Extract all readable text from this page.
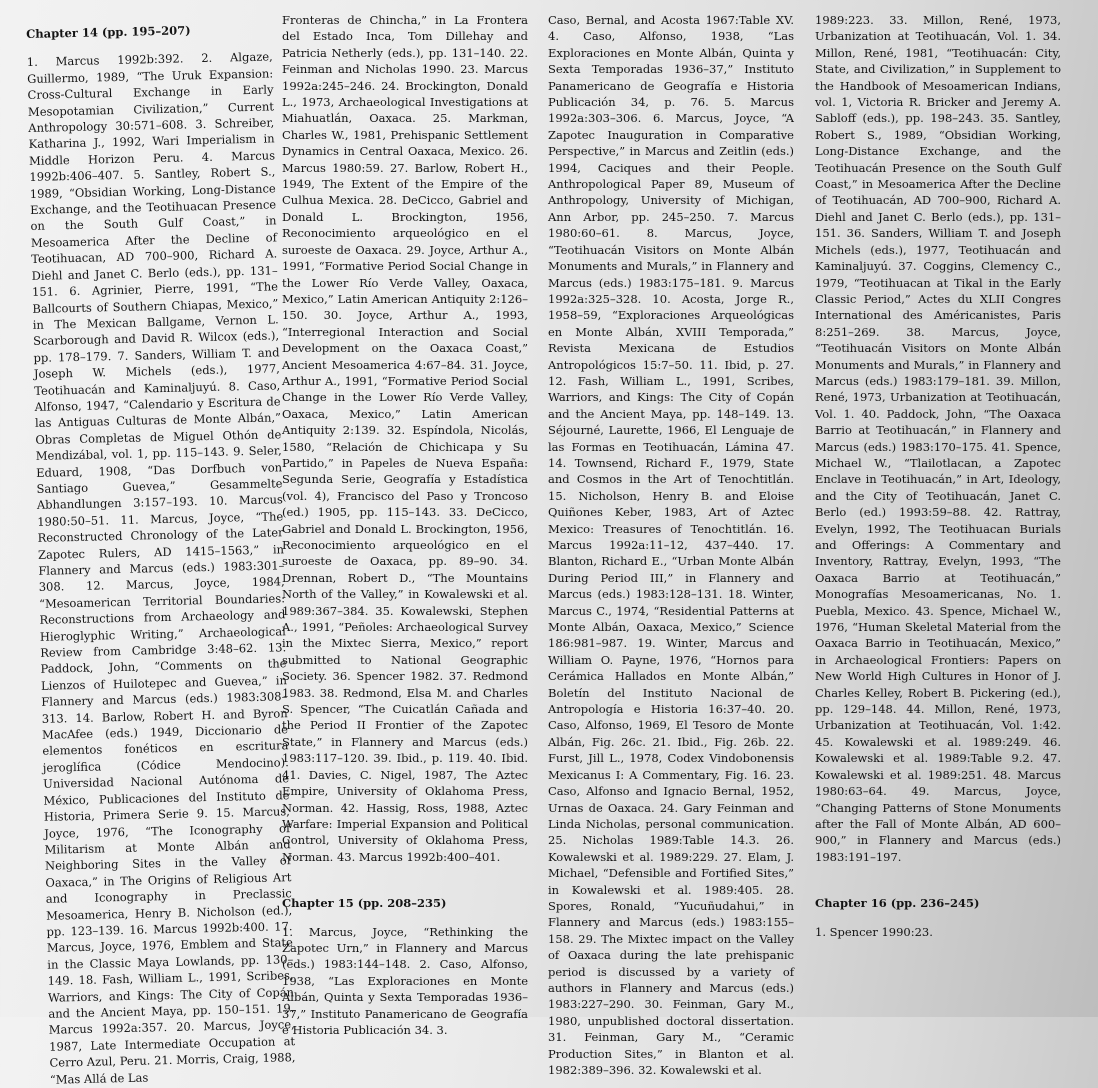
Chapter 14 (pp. 195–207)

1. Marcus 1992b:392. 2. Algaze, Guillermo, 1989, “The Uruk Expansion: Cross-Cultural Exchange in Early Mesopotamian Civilization,” Current Anthropology 30:571–608. 3. Schreiber, Katharina J., 1992, Wari Imperialism in Middle Horizon Peru. 4. Marcus 1992b:406–407. 5. Santley, Robert S., 1989, “Obsidian Working, Long-Distance Exchange, and the Teotihuacan Presence on the South Gulf Coast,” in Mesoamerica After the Decline of Teotihuacan, AD 700–900, Richard A. Diehl and Janet C. Berlo (eds.), pp. 131–151. 6. Agrinier, Pierre, 1991, “The Ballcourts of Southern Chiapas, Mexico,” in The Mexican Ballgame, Vernon L. Scarborough and David R. Wilcox (eds.), pp. 178–179. 7. Sanders, William T. and Joseph W. Michels (eds.), 1977, Teotihuacán and Kaminaljuyú. 8. Caso, Alfonso, 1947, “Calendario y Escritura de las Antiguas Culturas de Monte Albán,” Obras Completas de Miguel Othón de Mendizábal, vol. 1, pp. 115–143. 9. Seler, Eduard, 1908, “Das Dorfbuch von Santiago Guevea,” Gesammelte Abhandlungen 3:157–193. 10. Marcus 1980:50–51. 11. Marcus, Joyce, “The Reconstructed Chronology of the Later Zapotec Rulers, AD 1415–1563,” in Flannery and Marcus (eds.) 1983:301–308. 12. Marcus, Joyce, 1984, “Mesoamerican Territorial Boundaries: Reconstructions from Archaeology and Hieroglyphic Writing,” Archaeological Review from Cambridge 3:48–62. 13. Paddock, John, “Comments on the Lienzos of Huilotepec and Guevea,” in Flannery and Marcus (eds.) 1983:308–313. 14. Barlow, Robert H. and Byron MacAfee (eds.) 1949, Diccionario de elementos fonéticos en escritura jeroglífica (Códice Mendocino). Universidad Nacional Autónoma de México, Publicaciones del Instituto de Historia, Primera Serie 9. 15. Marcus, Joyce, 1976, “The Iconography of Militarism at Monte Albán and Neighboring Sites in the Valley of Oaxaca,” in The Origins of Religious Art and Iconography in Preclassic Mesoamerica, Henry B. Nicholson (ed.), pp. 123–139. 16. Marcus 1992b:400. 17. Marcus, Joyce, 1976, Emblem and State in the Classic Maya Lowlands, pp. 130–149. 18. Fash, William L., 1991, Scribes, Warriors, and Kings: The City of Copán and the Ancient Maya, pp. 150–151. 19. Marcus 1992a:357. 20. Marcus, Joyce, 1987, Late Intermediate Occupation at Cerro Azul, Peru. 21. Morris, Craig, 1988, “Mas Allá de Las

Fronteras de Chincha,” in La Frontera del Estado Inca, Tom Dillehay and Patricia Netherly (eds.), pp. 131–140. 22. Feinman and Nicholas 1990. 23. Marcus 1992a:245–246. 24. Brockington, Donald L., 1973, Archaeological Investigations at Miahuatlán, Oaxaca. 25. Markman, Charles W., 1981, Prehispanic Settlement Dynamics in Central Oaxaca, Mexico. 26. Marcus 1980:59. 27. Barlow, Robert H., 1949, The Extent of the Empire of the Culhua Mexica. 28. DeCicco, Gabriel and Donald L. Brockington, 1956, Reconocimiento arqueológico en el suroeste de Oaxaca. 29. Joyce, Arthur A., 1991, “Formative Period Social Change in the Lower Río Verde Valley, Oaxaca, Mexico,” Latin American Antiquity 2:126–150. 30. Joyce, Arthur A., 1993, “Interregional Interaction and Social Development on the Oaxaca Coast,” Ancient Mesoamerica 4:67–84. 31. Joyce, Arthur A., 1991, “Formative Period Social Change in the Lower Río Verde Valley, Oaxaca, Mexico,” Latin American Antiquity 2:139. 32. Espíndola, Nicolás, 1580, “Relación de Chichicapa y Su Partido,” in Papeles de Nueva España: Segunda Serie, Geografía y Estadística (vol. 4), Francisco del Paso y Troncoso (ed.) 1905, pp. 115–143. 33. DeCicco, Gabriel and Donald L. Brockington, 1956, Reconocimiento arqueológico en el suroeste de Oaxaca, pp. 89–90. 34. Drennan, Robert D., “The Mountains North of the Valley,” in Kowalewski et al. 1989:367–384. 35. Kowalewski, Stephen A., 1991, “Peñoles: Archaeological Survey in the Mixtec Sierra, Mexico,” report submitted to National Geographic Society. 36. Spencer 1982. 37. Redmond 1983. 38. Redmond, Elsa M. and Charles S. Spencer, “The Cuicatlán Cañada and the Period II Frontier of the Zapotec State,” in Flannery and Marcus (eds.) 1983:117–120. 39. Ibid., p. 119. 40. Ibid. 41. Davies, C. Nigel, 1987, The Aztec Empire, University of Oklahoma Press, Norman. 42. Hassig, Ross, 1988, Aztec Warfare: Imperial Expansion and Political Control, University of Oklahoma Press, Norman. 43. Marcus 1992b:400–401.

Chapter 15 (pp. 208–235)

1. Marcus, Joyce, “Rethinking the Zapotec Urn,” in Flannery and Marcus (eds.) 1983:144–148. 2. Caso, Alfonso, 1938, “Las Exploraciones en Monte Albán, Quinta y Sexta Temporadas 1936–37,” Instituto Panamericano de Geografía e Historia Publicación 34. 3.

Caso, Bernal, and Acosta 1967:Table XV. 4. Caso, Alfonso, 1938, “Las Exploraciones en Monte Albán, Quinta y Sexta Temporadas 1936–37,” Instituto Panamericano de Geografía e Historia Publicación 34, p. 76. 5. Marcus 1992a:303–306. 6. Marcus, Joyce, “A Zapotec Inauguration in Comparative Perspective,” in Marcus and Zeitlin (eds.) 1994, Caciques and their People. Anthropological Paper 89, Museum of Anthropology, University of Michigan, Ann Arbor, pp. 245–250. 7. Marcus 1980:60–61. 8. Marcus, Joyce, “Teotihuacán Visitors on Monte Albán Monuments and Murals,” in Flannery and Marcus (eds.) 1983:175–181. 9. Marcus 1992a:325–328. 10. Acosta, Jorge R., 1958–59, “Exploraciones Arqueológicas en Monte Albán, XVIII Temporada,” Revista Mexicana de Estudios Antropológicos 15:7–50. 11. Ibid, p. 27. 12. Fash, William L., 1991, Scribes, Warriors, and Kings: The City of Copán and the Ancient Maya, pp. 148–149. 13. Séjourné, Laurette, 1966, El Lenguaje de las Formas en Teotihuacán, Lámina 47. 14. Townsend, Richard F., 1979, State and Cosmos in the Art of Tenochtitlán. 15. Nicholson, Henry B. and Eloise Quiñones Keber, 1983, Art of Aztec Mexico: Treasures of Tenochtitlán. 16. Marcus 1992a:11–12, 437–440. 17. Blanton, Richard E., “Urban Monte Albán During Period III,” in Flannery and Marcus (eds.) 1983:128–131. 18. Winter, Marcus C., 1974, “Residential Patterns at Monte Albán, Oaxaca, Mexico,” Science 186:981–987. 19. Winter, Marcus and William O. Payne, 1976, “Hornos para Cerámica Hallados en Monte Albán,” Boletín del Instituto Nacional de Antropología e Historia 16:37–40. 20. Caso, Alfonso, 1969, El Tesoro de Monte Albán, Fig. 26c. 21. Ibid., Fig. 26b. 22. Furst, Jill L., 1978, Codex Vindobonensis Mexicanus I: A Commentary, Fig. 16. 23. Caso, Alfonso and Ignacio Bernal, 1952, Urnas de Oaxaca. 24. Gary Feinman and Linda Nicholas, personal communication. 25. Nicholas 1989:Table 14.3. 26. Kowalewski et al. 1989:229. 27. Elam, J. Michael, “Defensible and Fortified Sites,” in Kowalewski et al. 1989:405. 28. Spores, Ronald, “Yucuñudahui,” in Flannery and Marcus (eds.) 1983:155–158. 29. The Mixtec impact on the Valley of Oaxaca during the late prehispanic period is discussed by a variety of authors in Flannery and Marcus (eds.) 1983:227–290. 30. Feinman, Gary M., 1980, unpublished doctoral dissertation. 31. Feinman, Gary M., “Ceramic Production Sites,” in Blanton et al. 1982:389–396. 32. Kowalewski et al.

1989:223. 33. Millon, René, 1973, Urbanization at Teotihuacán, Vol. 1. 34. Millon, René, 1981, “Teotihuacán: City, State, and Civilization,” in Supplement to the Handbook of Mesoamerican Indians, vol. 1, Victoria R. Bricker and Jeremy A. Sabloff (eds.), pp. 198–243. 35. Santley, Robert S., 1989, “Obsidian Working, Long-Distance Exchange, and the Teotihuacán Presence on the South Gulf Coast,” in Mesoamerica After the Decline of Teotihuacán, AD 700–900, Richard A. Diehl and Janet C. Berlo (eds.), pp. 131–151. 36. Sanders, William T. and Joseph Michels (eds.), 1977, Teotihuacán and Kaminaljuyú. 37. Coggins, Clemency C., 1979, “Teotihuacan at Tikal in the Early Classic Period,” Actes du XLII Congres International des Américanistes, Paris 8:251–269. 38. Marcus, Joyce, “Teotihuacán Visitors on Monte Albán Monuments and Murals,” in Flannery and Marcus (eds.) 1983:179–181. 39. Millon, René, 1973, Urbanization at Teotihuacán, Vol. 1. 40. Paddock, John, “The Oaxaca Barrio at Teotihuacán,” in Flannery and Marcus (eds.) 1983:170–175. 41. Spence, Michael W., “Tlailotlacan, a Zapotec Enclave in Teotihuacán,” in Art, Ideology, and the City of Teotihuacán, Janet C. Berlo (ed.) 1993:59–88. 42. Rattray, Evelyn, 1992, The Teotihuacan Burials and Offerings: A Commentary and Inventory, Rattray, Evelyn, 1993, “The Oaxaca Barrio at Teotihuacán,” Monografías Mesoamericanas, No. 1. Puebla, Mexico. 43. Spence, Michael W., 1976, “Human Skeletal Material from the Oaxaca Barrio in Teotihuacán, Mexico,” in Archaeological Frontiers: Papers on New World High Cultures in Honor of J. Charles Kelley, Robert B. Pickering (ed.), pp. 129–148. 44. Millon, René, 1973, Urbanization at Teotihuacán, Vol. 1:42. 45. Kowalewski et al. 1989:249. 46. Kowalewski et al. 1989:Table 9.2. 47. Kowalewski et al. 1989:251. 48. Marcus 1980:63–64. 49. Marcus, Joyce, “Changing Patterns of Stone Monuments after the Fall of Monte Albán, AD 600–900,” in Flannery and Marcus (eds.) 1983:191–197.

Chapter 16 (pp. 236–245)

1. Spencer 1990:23.
